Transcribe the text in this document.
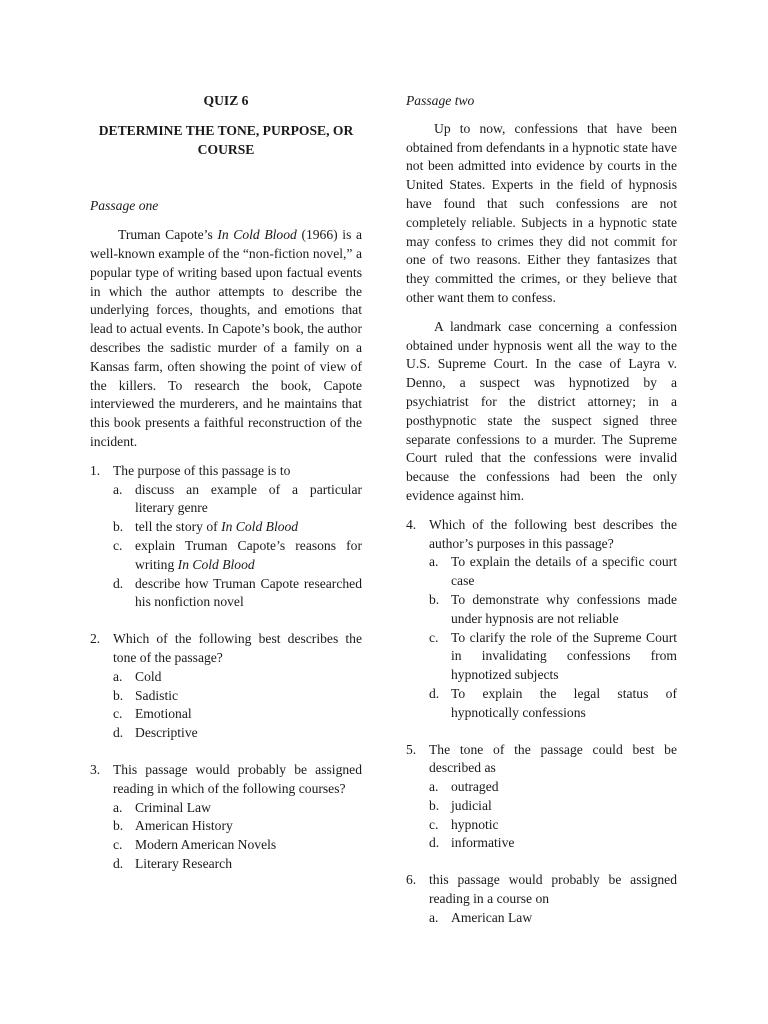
QUIZ 6

DETERMINE THE TONE, PURPOSE, OR COURSE

Passage one

Truman Capote’s In Cold Blood (1966) is a well-known example of the “non-fiction novel,” a popular type of writing based upon factual events in which the author attempts to describe the underlying forces, thoughts, and emotions that lead to actual events. In Capote’s book, the author describes the sadistic murder of a family on a Kansas farm, often showing the point of view of the killers. To research the book, Capote interviewed the murderers, and he maintains that this book presents a faithful reconstruction of the incident.

1. The purpose of this passage is to
a. discuss an example of a particular literary genre
b. tell the story of In Cold Blood
c. explain Truman Capote’s reasons for writing In Cold Blood
d. describe how Truman Capote researched his nonfiction novel
2. Which of the following best describes the tone of the passage?
a. Cold
b. Sadistic
c. Emotional
d. Descriptive
3. This passage would probably be assigned reading in which of the following courses?
a. Criminal Law
b. American History
c. Modern American Novels
d. Literary Research

Passage two

Up to now, confessions that have been obtained from defendants in a hypnotic state have not been admitted into evidence by courts in the United States. Experts in the field of hypnosis have found that such confessions are not completely reliable. Subjects in a hypnotic state may confess to crimes they did not commit for one of two reasons. Either they fantasizes that they committed the crimes, or they believe that other want them to confess.

A landmark case concerning a confession obtained under hypnosis went all the way to the U.S. Supreme Court. In the case of Layra v. Denno, a suspect was hypnotized by a psychiatrist for the district attorney; in a posthypnotic state the suspect signed three separate confessions to a murder. The Supreme Court ruled that the confessions were invalid because the confessions had been the only evidence against him.

4. Which of the following best describes the author’s purposes in this passage?
a. To explain the details of a specific court case
b. To demonstrate why confessions made under hypnosis are not reliable
c. To clarify the role of the Supreme Court in invalidating confessions from hypnotized subjects
d. To explain the legal status of hypnotically confessions
5. The tone of the passage could best be described as
a. outraged
b. judicial
c. hypnotic
d. informative
6. this passage would probably be assigned reading in a course on
a. American Law
